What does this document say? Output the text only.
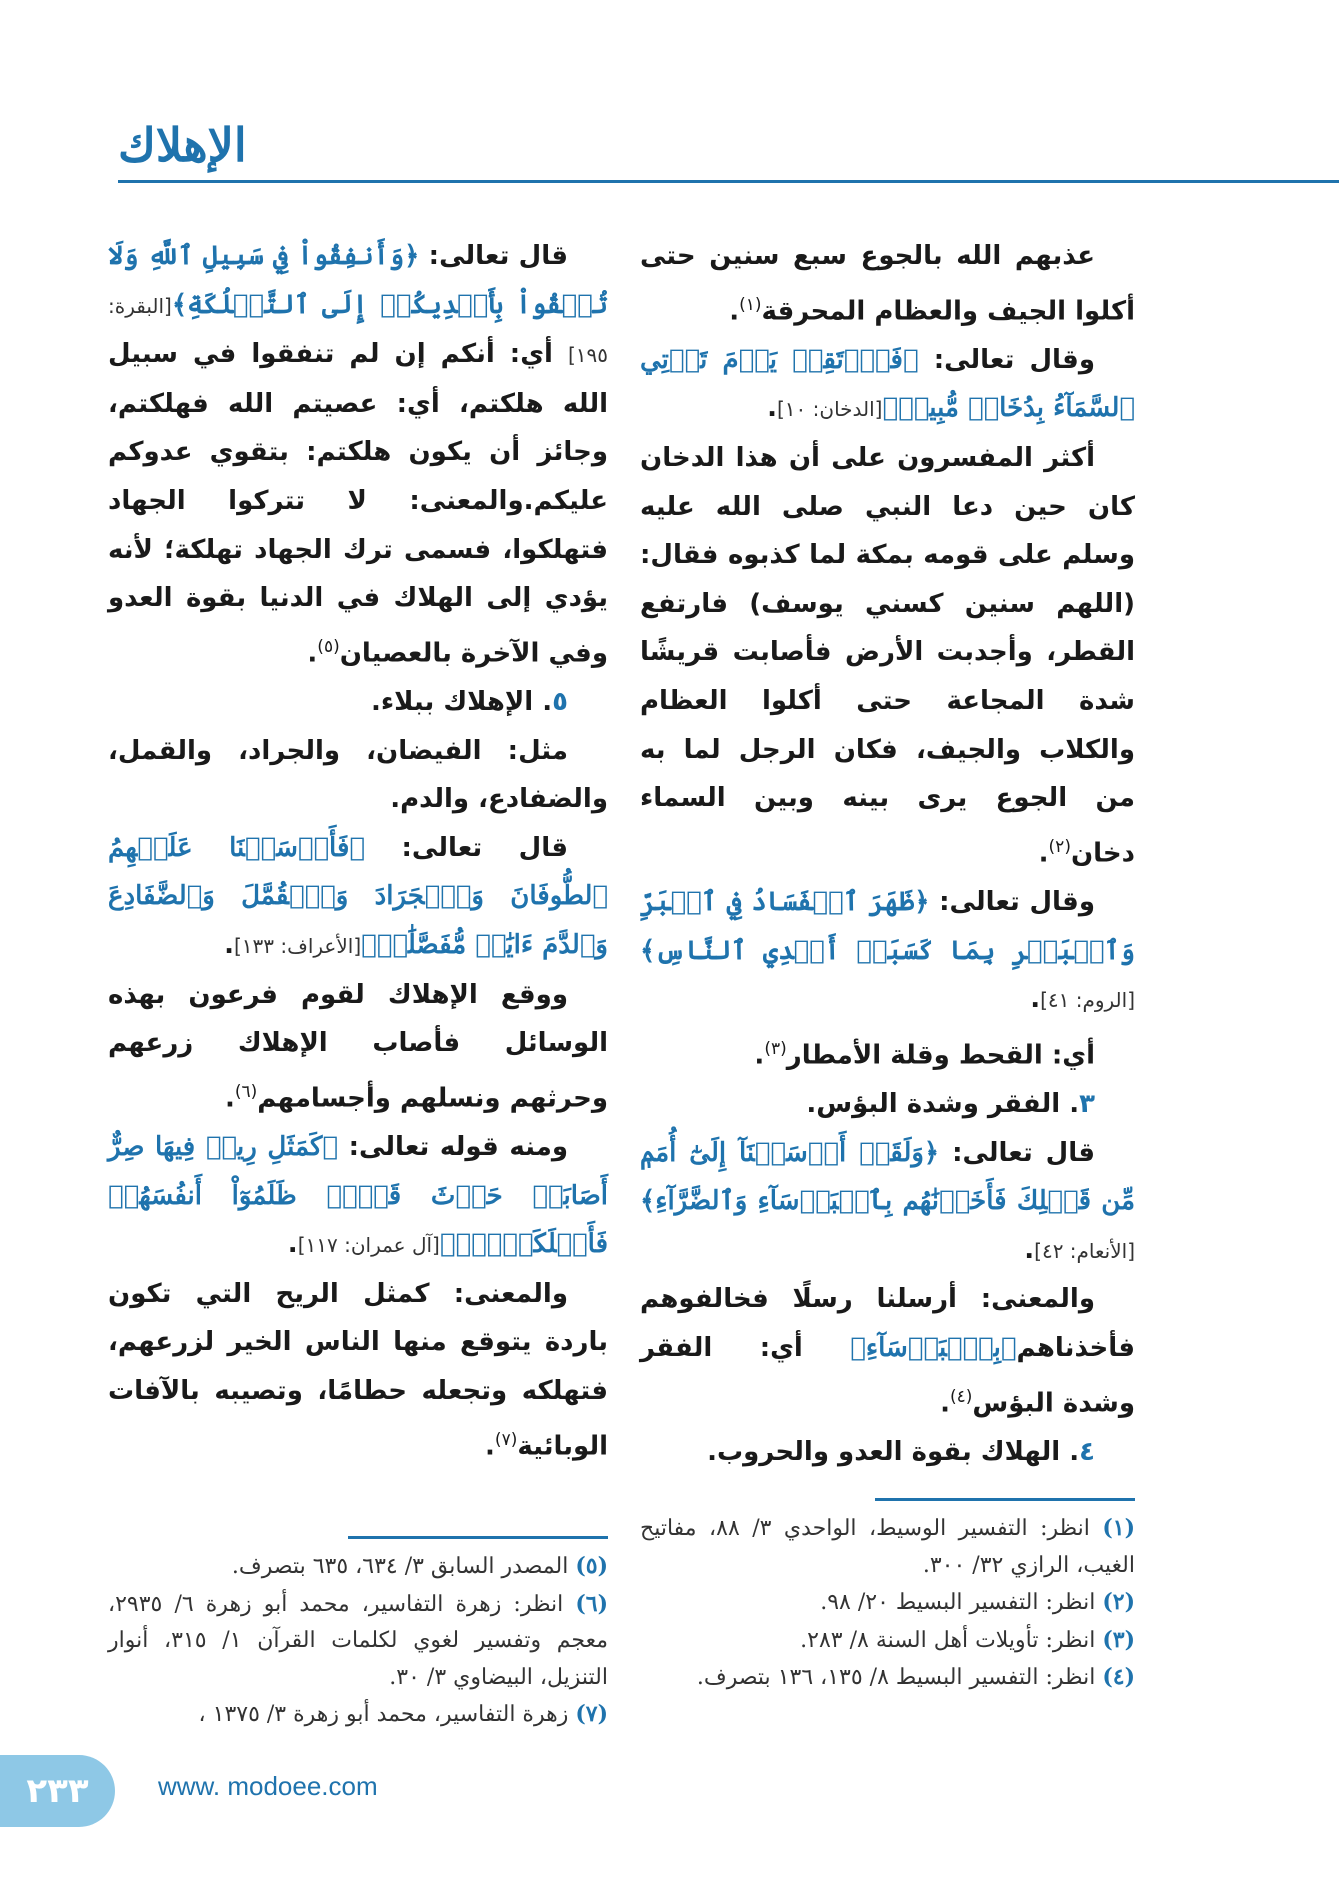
الإهلاك

عذبهم الله بالجوع سبع سنين حتى أكلوا الجيف والعظام المحرقة$^{(١)}$.

وقال تعالى: ﴿فَٱرۡتَقِبۡ يَوۡمَ تَأۡتِي ٱلسَّمَآءُ بِدُخَانٖ مُّبِينٖ﴾[الدخان: ١٠].

أكثر المفسرون على أن هذا الدخان كان حين دعا النبي صلى الله عليه وسلم على قومه بمكة لما كذبوه فقال: (اللهم سنين كسني يوسف) فارتفع القطر، وأجدبت الأرض فأصابت قريشًا شدة المجاعة حتى أكلوا العظام والكلاب والجيف، فكان الرجل لما به من الجوع يرى بينه وبين السماء دخان$^{(٢)}$.

وقال تعالى: ﴿ظَهَرَ ٱلۡفَسَادُ فِي ٱلۡبَرِّ وَٱلۡبَحۡرِ بِمَا كَسَبَتۡ أَيۡدِي ٱلنَّاسِ﴾[الروم: ٤١].

أي: القحط وقلة الأمطار$^{(٣)}$.

٣. الفقر وشدة البؤس.

قال تعالى: ﴿وَلَقَدۡ أَرۡسَلۡنَآ إِلَىٰٓ أُمَمٖ مِّن قَبۡلِكَ فَأَخَذۡنَٰهُم بِٱلۡبَأۡسَآءِ وَٱلضَّرَّآءِ﴾[الأنعام: ٤٢].

والمعنى: أرسلنا رسلًا فخالفوهم فأخذناهم﴿بِٱلۡبَأۡسَآءِ﴾ أي: الفقر وشدة البؤس$^{(٤)}$.

٤. الهلاك بقوة العدو والحروب.

قال تعالى: ﴿وَأَنفِقُواْ فِي سَبِيلِ ٱللَّهِ وَلَا تُلۡقُواْ بِأَيۡدِيكُمۡ إِلَى ٱلتَّهۡلُكَةِ﴾[البقرة: ١٩٥] أي: أنكم إن لم تنفقوا في سبيل الله هلكتم، أي: عصيتم الله فهلكتم، وجائز أن يكون هلكتم: بتقوي عدوكم عليكم.والمعنى: لا تتركوا الجهاد فتهلكوا، فسمى ترك الجهاد تهلكة؛ لأنه يؤدي إلى الهلاك في الدنيا بقوة العدو وفي الآخرة بالعصيان$^{(٥)}$.

٥. الإهلاك ببلاء.

مثل: الفيضان، والجراد، والقمل، والضفادع، والدم.

قال تعالى: ﴿فَأَرۡسَلۡنَا عَلَيۡهِمُ ٱلطُّوفَانَ وَٱلۡجَرَادَ وَٱلۡقُمَّلَ وَٱلضَّفَادِعَ وَٱلدَّمَ ءَايَٰتٖ مُّفَصَّلَٰتٖ﴾[الأعراف: ١٣٣].

ووقع الإهلاك لقوم فرعون بهذه الوسائل فأصاب الإهلاك زرعهم وحرثهم ونسلهم وأجسامهم$^{(٦)}$.

ومنه قوله تعالى: ﴿كَمَثَلِ رِيحٖ فِيهَا صِرٌّ أَصَابَتۡ حَرۡثَ قَوۡمٖ ظَلَمُوٓاْ أَنفُسَهُمۡ فَأَهۡلَكَتۡهُۚ﴾[آل عمران: ١١٧].

والمعنى: كمثل الريح التي تكون باردة يتوقع منها الناس الخير لزرعهم، فتهلكه وتجعله حطامًا، وتصيبه بالآفات الوبائية$^{(٧)}$.

(١) انظر: التفسير الوسيط، الواحدي ٣/ ٨٨، مفاتيح الغيب، الرازي ٣٢/ ٣٠٠.

(٢) انظر: التفسير البسيط ٢٠/ ٩٨.

(٣) انظر: تأويلات أهل السنة ٨/ ٢٨٣.

(٤) انظر: التفسير البسيط ٨/ ١٣٥، ١٣٦ بتصرف.

(٥) المصدر السابق ٣/ ٦٣٤، ٦٣٥ بتصرف.

(٦) انظر: زهرة التفاسير، محمد أبو زهرة ٦/ ٢٩٣٥، معجم وتفسير لغوي لكلمات القرآن ١/ ٣١٥، أنوار التنزيل، البيضاوي ٣/ ٣٠.

(٧) زهرة التفاسير، محمد أبو زهرة ٣/ ١٣٧٥ ،

٢٣٣	www. modoee.com
